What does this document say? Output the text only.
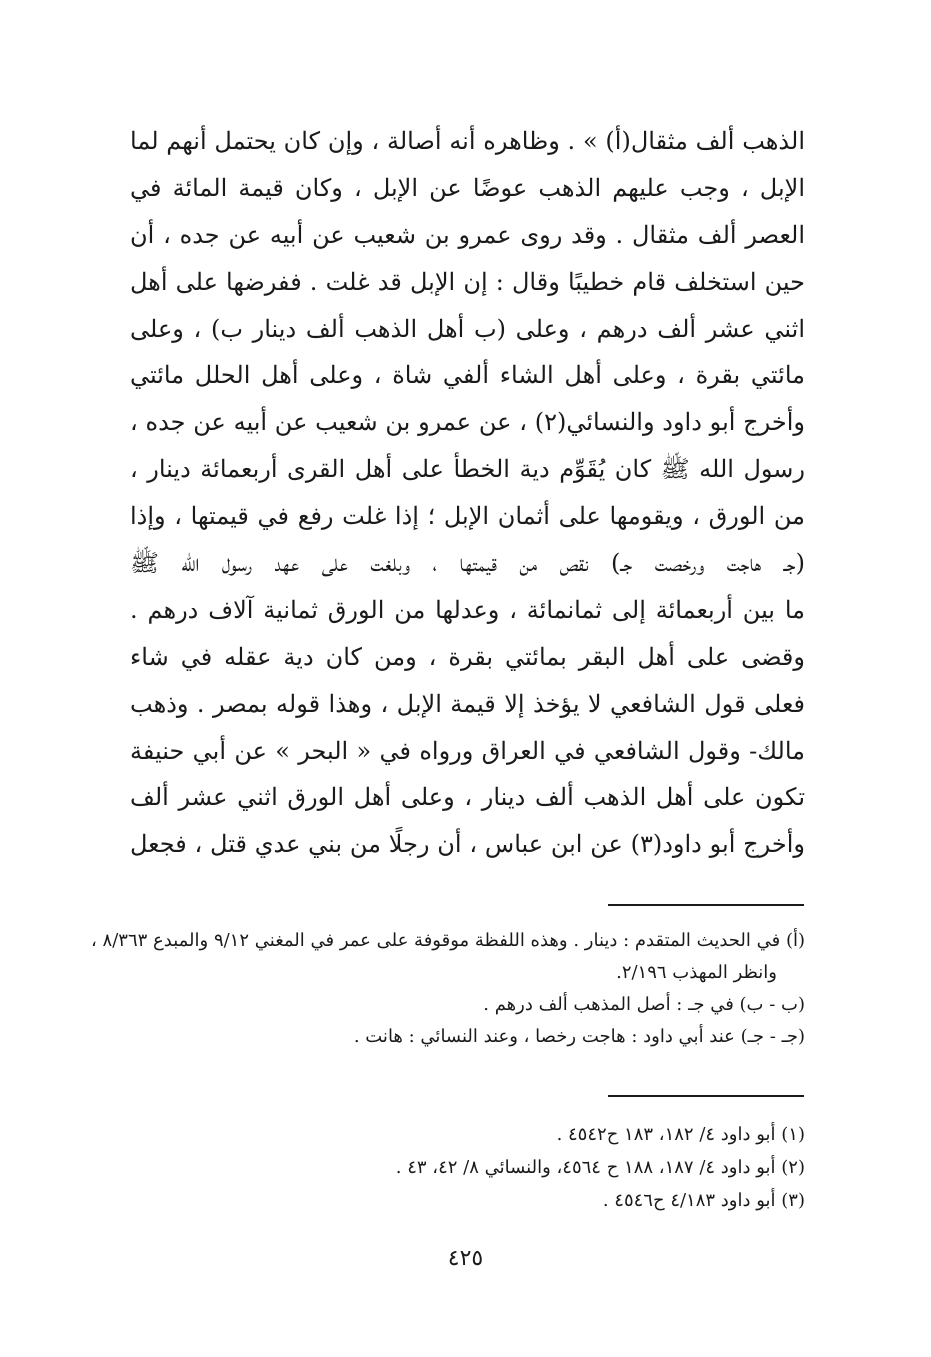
الذهب ألف مثقال(أ) » . وظاهره أنه أصالة ، وإن كان يحتمل أنهم لما
الإبل ، وجب عليهم الذهب عوضًا عن الإبل ، وكان قيمة المائة في
العصر ألف مثقال . وقد روى عمرو بن شعيب عن أبيه عن جده ، أن
حين استخلف قام خطيبًا وقال : إن الإبل قد غلت . ففرضها على أهل
اثني عشر ألف درهم ، وعلى (ب أهل الذهب ألف دينار ب) ، وعلى
مائتي بقرة ، وعلى أهل الشاء ألفي شاة ، وعلى أهل الحلل مائتي
وأخرج أبو داود والنسائي(٢) ، عن عمرو بن شعيب عن أبيه عن جده ،
رسول الله ﷺ كان يُقَوِّم دية الخطأ على أهل القرى أربعمائة دينار ،
من الورق ، ويقومها على أثمان الإبل ؛ إذا غلت رفع في قيمتها ، وإذا
(جـ هاجت ورخصت جـ) نقص من قيمتها ، وبلغت على عهد رسول الله ﷺ
ما بين أربعمائة إلى ثمانمائة ، وعدلها من الورق ثمانية آلاف درهم .
وقضى على أهل البقر بمائتي بقرة ، ومن كان دية عقله في شاء
فعلى قول الشافعي لا يؤخذ إلا قيمة الإبل ، وهذا قوله بمصر . وذهب
مالك- وقول الشافعي في العراق ورواه في « البحر » عن أبي حنيفة
تكون على أهل الذهب ألف دينار ، وعلى أهل الورق اثني عشر ألف
وأخرج أبو داود(٣) عن ابن عباس ، أن رجلًا من بني عدي قتل ، فجعل
(أ) في الحديث المتقدم : دينار . وهذه اللفظة موقوفة على عمر في المغني ٩/١٢ والمبدع ٨/٣٦٣ ،
وانظر المهذب ٢/١٩٦.
(ب - ب) في جـ : أصل المذهب ألف درهم .
(جـ - جـ) عند أبي داود : هاجت رخصا ، وعند النسائي : هانت .
(١) أبو داود ٤/ ١٨٢، ١٨٣ ح٤٥٤٢ .
(٢) أبو داود ٤/ ١٨٧، ١٨٨ ح ٤٥٦٤، والنسائي ٨/ ٤٢، ٤٣ .
(٣) أبو داود ٤/١٨٣ ح٤٥٤٦ .
٤٢٥
